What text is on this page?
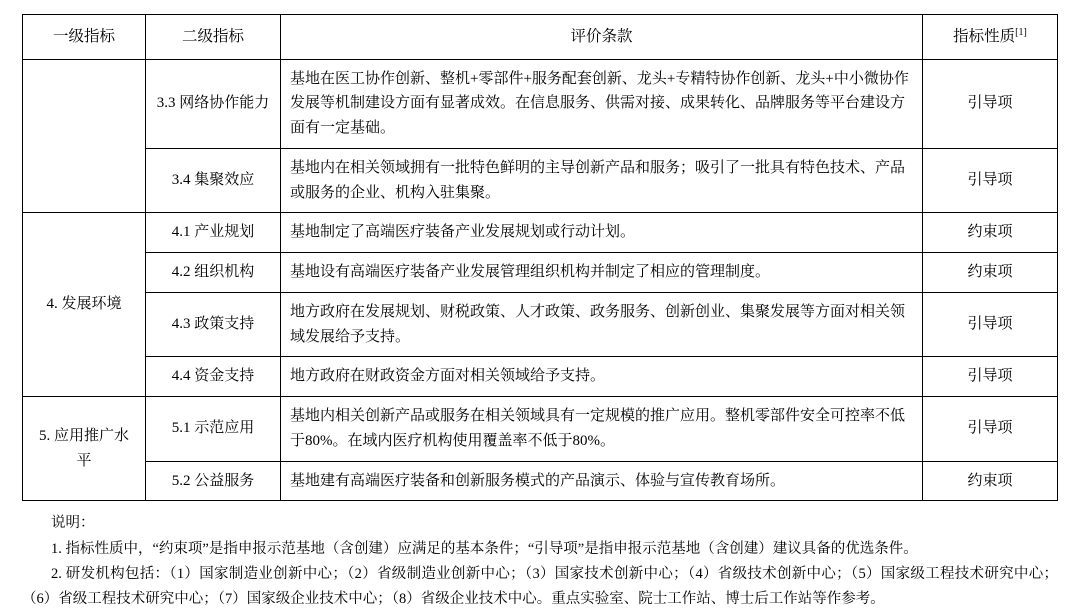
一级指标	二级指标	评价条款	指标性质[1]
	3.3 网络协作能力	基地在医工协作创新、整机+零部件+服务配套创新、龙头+专精特协作创新、龙头+中小微协作发展等机制建设方面有显著成效。在信息服务、供需对接、成果转化、品牌服务等平台建设方面有一定基础。	引导项
	3.4 集聚效应	基地内在相关领域拥有一批特色鲜明的主导创新产品和服务；吸引了一批具有特色技术、产品或服务的企业、机构入驻集聚。	引导项
4. 发展环境	4.1 产业规划	基地制定了高端医疗装备产业发展规划或行动计划。	约束项
	4.2 组织机构	基地设有高端医疗装备产业发展管理组织机构并制定了相应的管理制度。	约束项
	4.3 政策支持	地方政府在发展规划、财税政策、人才政策、政务服务、创新创业、集聚发展等方面对相关领域发展给予支持。	引导项
	4.4 资金支持	地方政府在财政资金方面对相关领域给予支持。	引导项
5. 应用推广水平	5.1 示范应用	基地内相关创新产品或服务在相关领域具有一定规模的推广应用。整机零部件安全可控率不低于80%。在域内医疗机构使用覆盖率不低于80%。	引导项
	5.2 公益服务	基地建有高端医疗装备和创新服务模式的产品演示、体验与宣传教育场所。	约束项
说明：
1. 指标性质中，“约束项”是指申报示范基地（含创建）应满足的基本条件；“引导项”是指申报示范基地（含创建）建议具备的优选条件。
2. 研发机构包括：（1）国家制造业创新中心；（2）省级制造业创新中心；（3）国家技术创新中心；（4）省级技术创新中心；（5）国家级工程技术研究中心；（6）省级工程技术研究中心；（7）国家级企业技术中心；（8）省级企业技术中心。重点实验室、院士工作站、博士后工作站等作参考。
